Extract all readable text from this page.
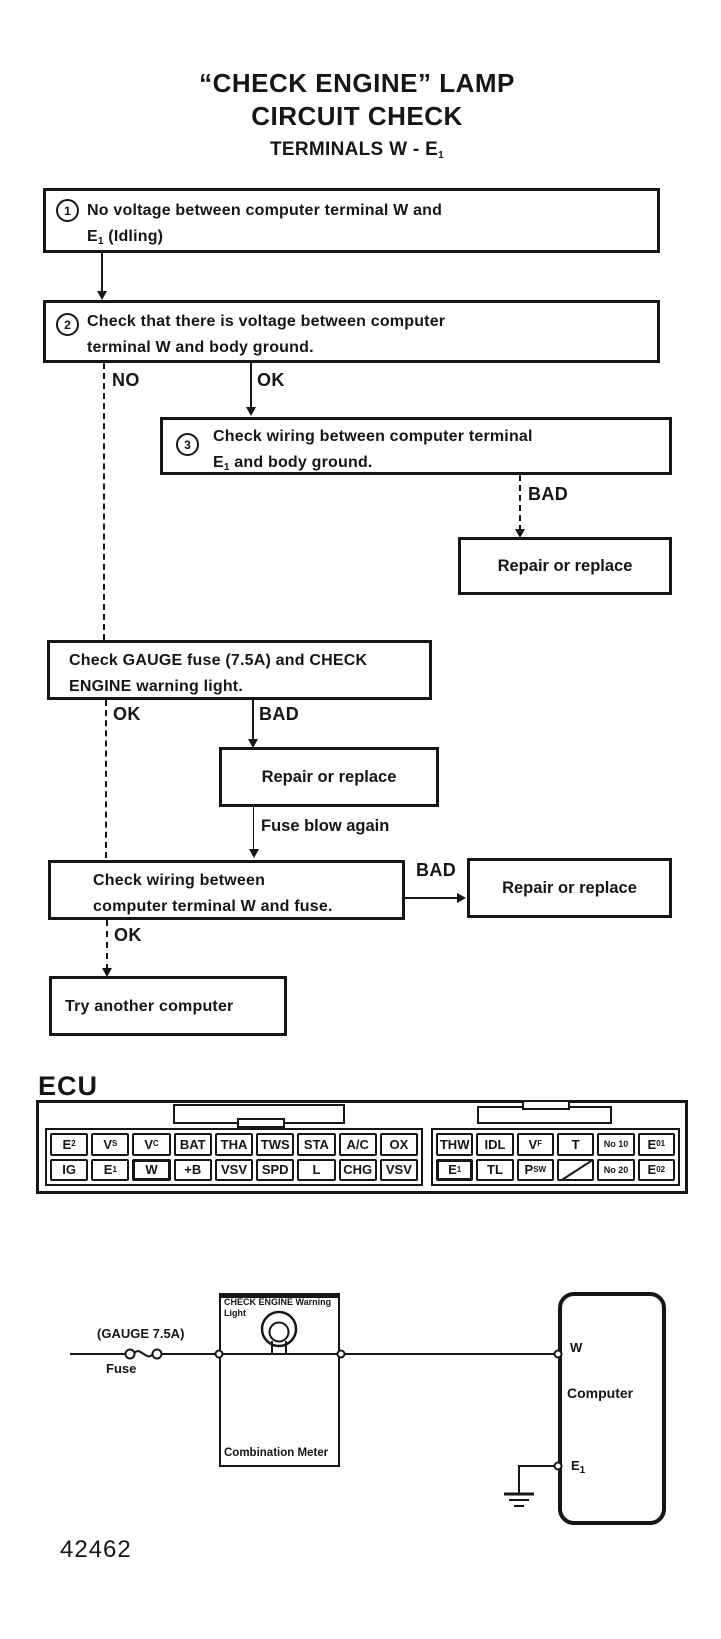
“CHECK ENGINE” LAMP
CIRCUIT CHECK
TERMINALS W - $E_1$
1	No voltage between computer terminal W and
$E_1$ (Idling)
2	Check that there is voltage between computer
terminal W and body ground.
NO	OK
3	Check wiring between computer terminal
$E_1$ and body ground.
BAD
Repair or replace
Check GAUGE fuse (7.5A) and CHECK
ENGINE warning light.
OK	BAD
Repair or replace
Fuse blow again
Check wiring between
computer terminal W and fuse.
BAD
Repair or replace
OK
Try another computer
ECU
E 2 V S V C BAT THA TWS STA A/C OX
IG E 1 W +B VSV SPD L CHG VSV
THW IDL V F T	No 10 E 01
E 1 TL P SW	No 20 E 02
(GAUGE 7.5A)
Fuse
CHECK ENGINE Warning
Light
Combination Meter
W
Computer
$E_1$
42462
